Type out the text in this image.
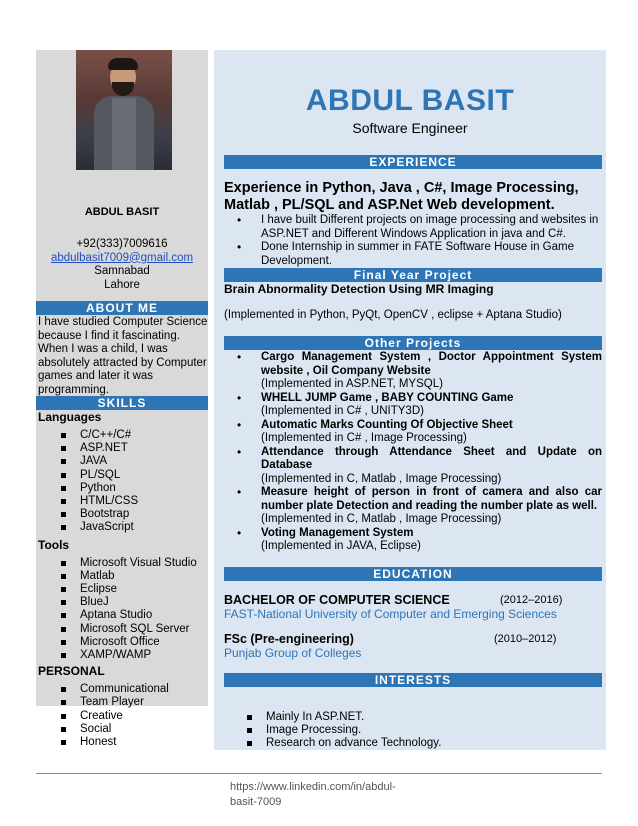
ABDUL BASIT
+92(333)7009616
abdulbasit7009@gmail.com
Samnabad
Lahore
ABOUT ME
I have studied Computer Science because I find it fascinating. When I was a child, I was absolutely attracted by Computer games and later it was programming.
SKILLS
Languages
C/C++/C#
ASP.NET
JAVA
PL/SQL
Python
HTML/CSS
Bootstrap
JavaScript
Tools
Microsoft Visual Studio
Matlab
Eclipse
BlueJ
Aptana Studio
Microsoft SQL Server
Microsoft Office
XAMP/WAMP
PERSONAL
Communicational
Team Player
Creative
Social
Honest
ABDUL BASIT
Software Engineer
EXPERIENCE
Experience in Python, Java , C#, Image Processing, Matlab , PL/SQL and ASP.Net Web development.
• I have built Different projects on image processing and websites in ASP.NET and Different Windows Application in java and C#.
• Done Internship in summer in FATE Software House in Game Development.
Final Year Project
Brain Abnormality Detection Using MR Imaging
(Implemented in Python, PyQt, OpenCV , eclipse + Aptana Studio)
Other Projects
• Cargo Management System , Doctor Appointment System website , Oil Company Website
(Implemented in ASP.NET, MYSQL)
• WHELL JUMP Game , BABY COUNTING Game
(Implemented in C# , UNITY3D)
• Automatic Marks Counting Of Objective Sheet
(Implemented in C# , Image Processing)
• Attendance through Attendance Sheet and Update on Database
(Implemented in C, Matlab , Image Processing)
• Measure height of person in front of camera and also car number plate Detection and reading the number plate as well.
(Implemented in C, Matlab , Image Processing)
• Voting Management System
(Implemented in JAVA, Eclipse)
EDUCATION
BACHELOR OF COMPUTER SCIENCE	(2012–2016)
FAST-National University of Computer and Emerging Sciences
FSc (Pre-engineering)	(2010–2012)
Punjab Group of Colleges
INTERESTS
Mainly In ASP.NET.
Image Processing.
Research on advance Technology.
https://www.linkedin.com/in/abdul-
basit-7009
